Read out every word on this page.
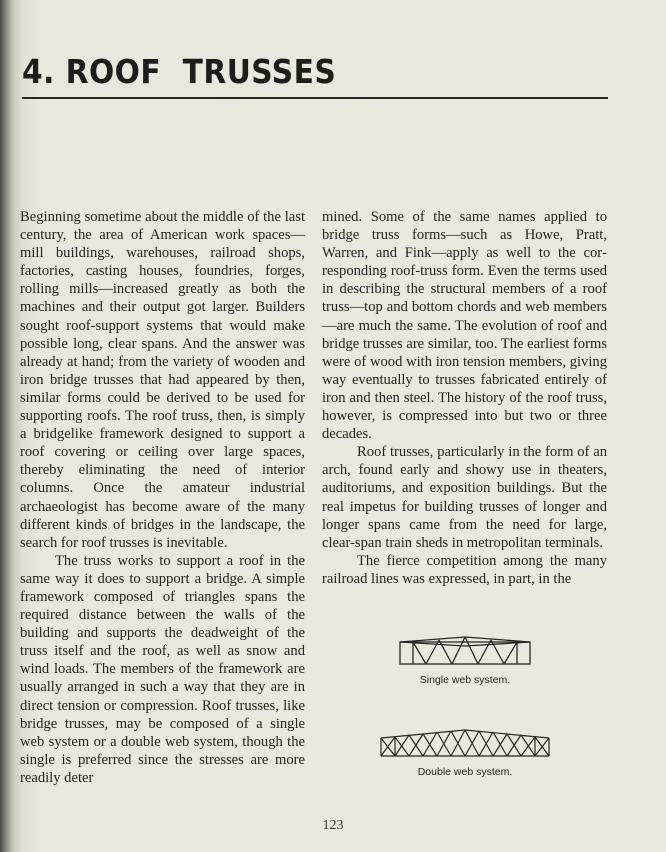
4. ROOF  TRUSSES

Beginning sometime about the middle of the last century, the area of American work spaces—mill buildings, warehouses, railroad shops, factories, casting houses, foundries, forges, rolling mills—increased greatly as both the machines and their output got larger. Builders sought roof-support systems that would make possible long, clear spans. And the answer was already at hand; from the variety of wooden and iron bridge trusses that had appeared by then, similar forms could be derived to be used for supporting roofs. The roof truss, then, is simply a bridgelike framework designed to support a roof covering or ceiling over large spaces, thereby eliminating the need of interior columns. Once the amateur industrial archaeologist has become aware of the many different kinds of bridges in the landscape, the search for roof trusses is inevitable.

The truss works to support a roof in the same way it does to support a bridge. A simple framework composed of triangles spans the required distance between the walls of the building and supports the deadweight of the truss itself and the roof, as well as snow and wind loads. The members of the framework are usually arranged in such a way that they are in direct tension or compression. Roof trusses, like bridge trusses, may be composed of a single web system or a double web system, though the single is preferred since the stresses are more readily deter

mined. Some of the same names applied to bridge truss forms—such as Howe, Pratt, Warren, and Fink—apply as well to the corresponding roof-truss form. Even the terms used in describing the structural members of a roof truss—top and bottom chords and web members—are much the same. The evolution of roof and bridge trusses are similar, too. The earliest forms were of wood with iron tension members, giving way eventually to trusses fabricated entirely of iron and then steel. The history of the roof truss, however, is compressed into but two or three decades.

Roof trusses, particularly in the form of an arch, found early and showy use in theaters, auditoriums, and exposition buildings. But the real impetus for building trusses of longer and longer spans came from the need for large, clear-span train sheds in metropolitan terminals.

The fierce competition among the many railroad lines was expressed, in part, in the

Single web system.
Double web system.
123
